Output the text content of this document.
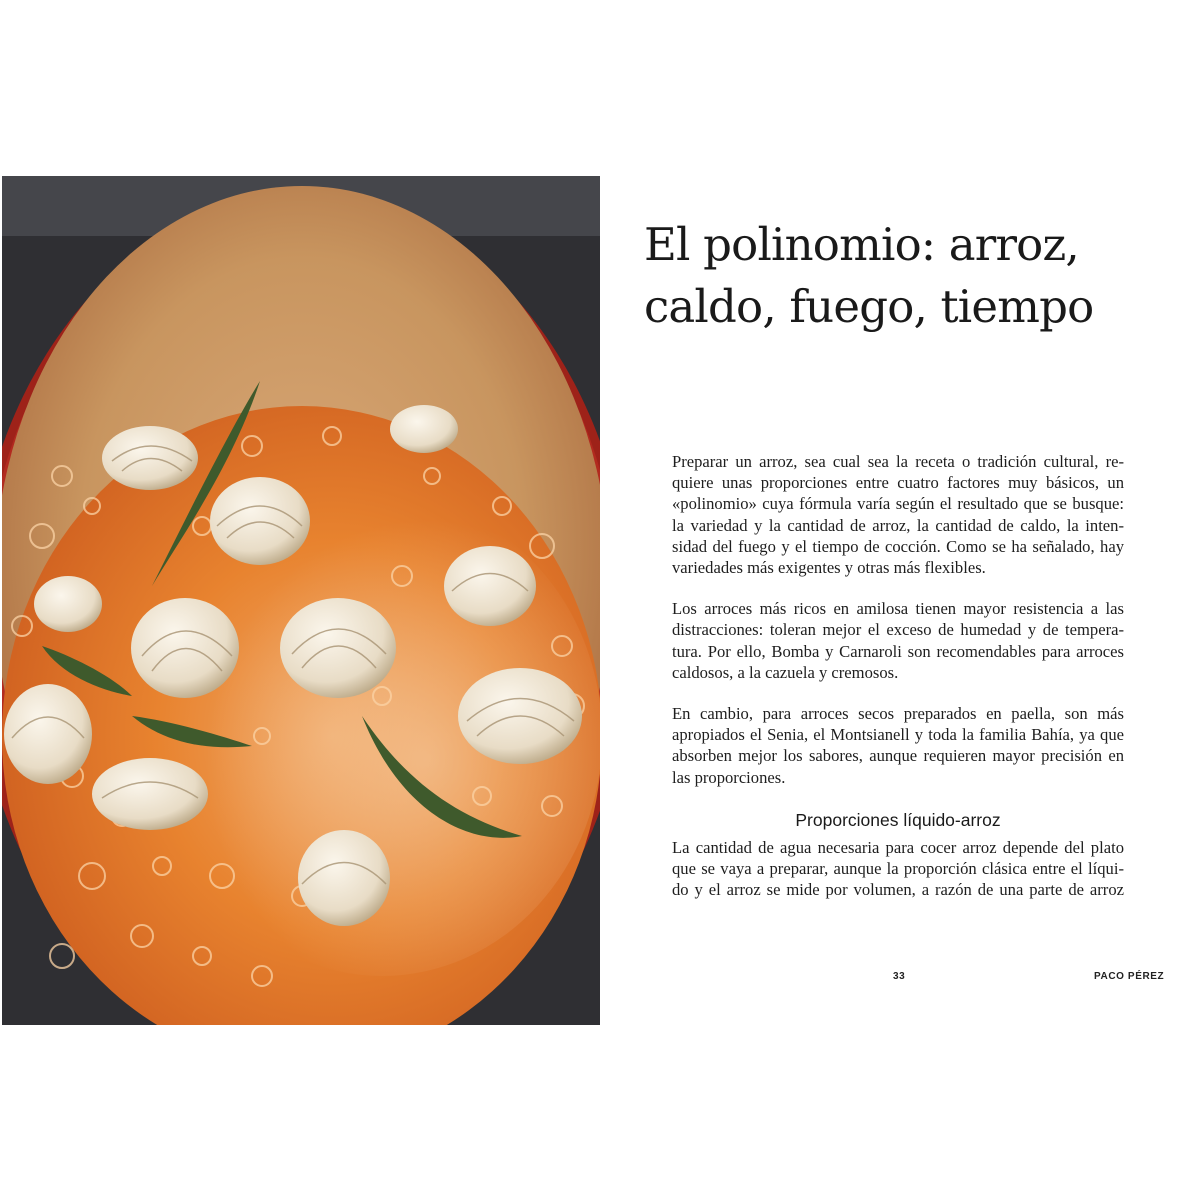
El polinomio: arroz,
caldo, fuego, tiempo

Preparar un arroz, sea cual sea la receta o tradición cultural, re-
quiere unas proporciones entre cuatro factores muy básicos, un
«polinomio» cuya fórmula varía según el resultado que se busque:
la variedad y la cantidad de arroz, la cantidad de caldo, la inten-
sidad del fuego y el tiempo de cocción. Como se ha señalado, hay
variedades más exigentes y otras más flexibles.

Los arroces más ricos en amilosa tienen mayor resistencia a las
distracciones: toleran mejor el exceso de humedad y de tempera-
tura. Por ello, Bomba y Carnaroli son recomendables para arroces
caldosos, a la cazuela y cremosos.

En cambio, para arroces secos preparados en paella, son más
apropiados el Senia, el Montsianell y toda la familia Bahía, ya que
absorben mejor los sabores, aunque requieren mayor precisión en
las proporciones.

Proporciones líquido-arroz

La cantidad de agua necesaria para cocer arroz depende del plato
que se vaya a preparar, aunque la proporción clásica entre el líqui-
do y el arroz se mide por volumen, a razón de una parte de arroz

33	PACO PÉREZ
